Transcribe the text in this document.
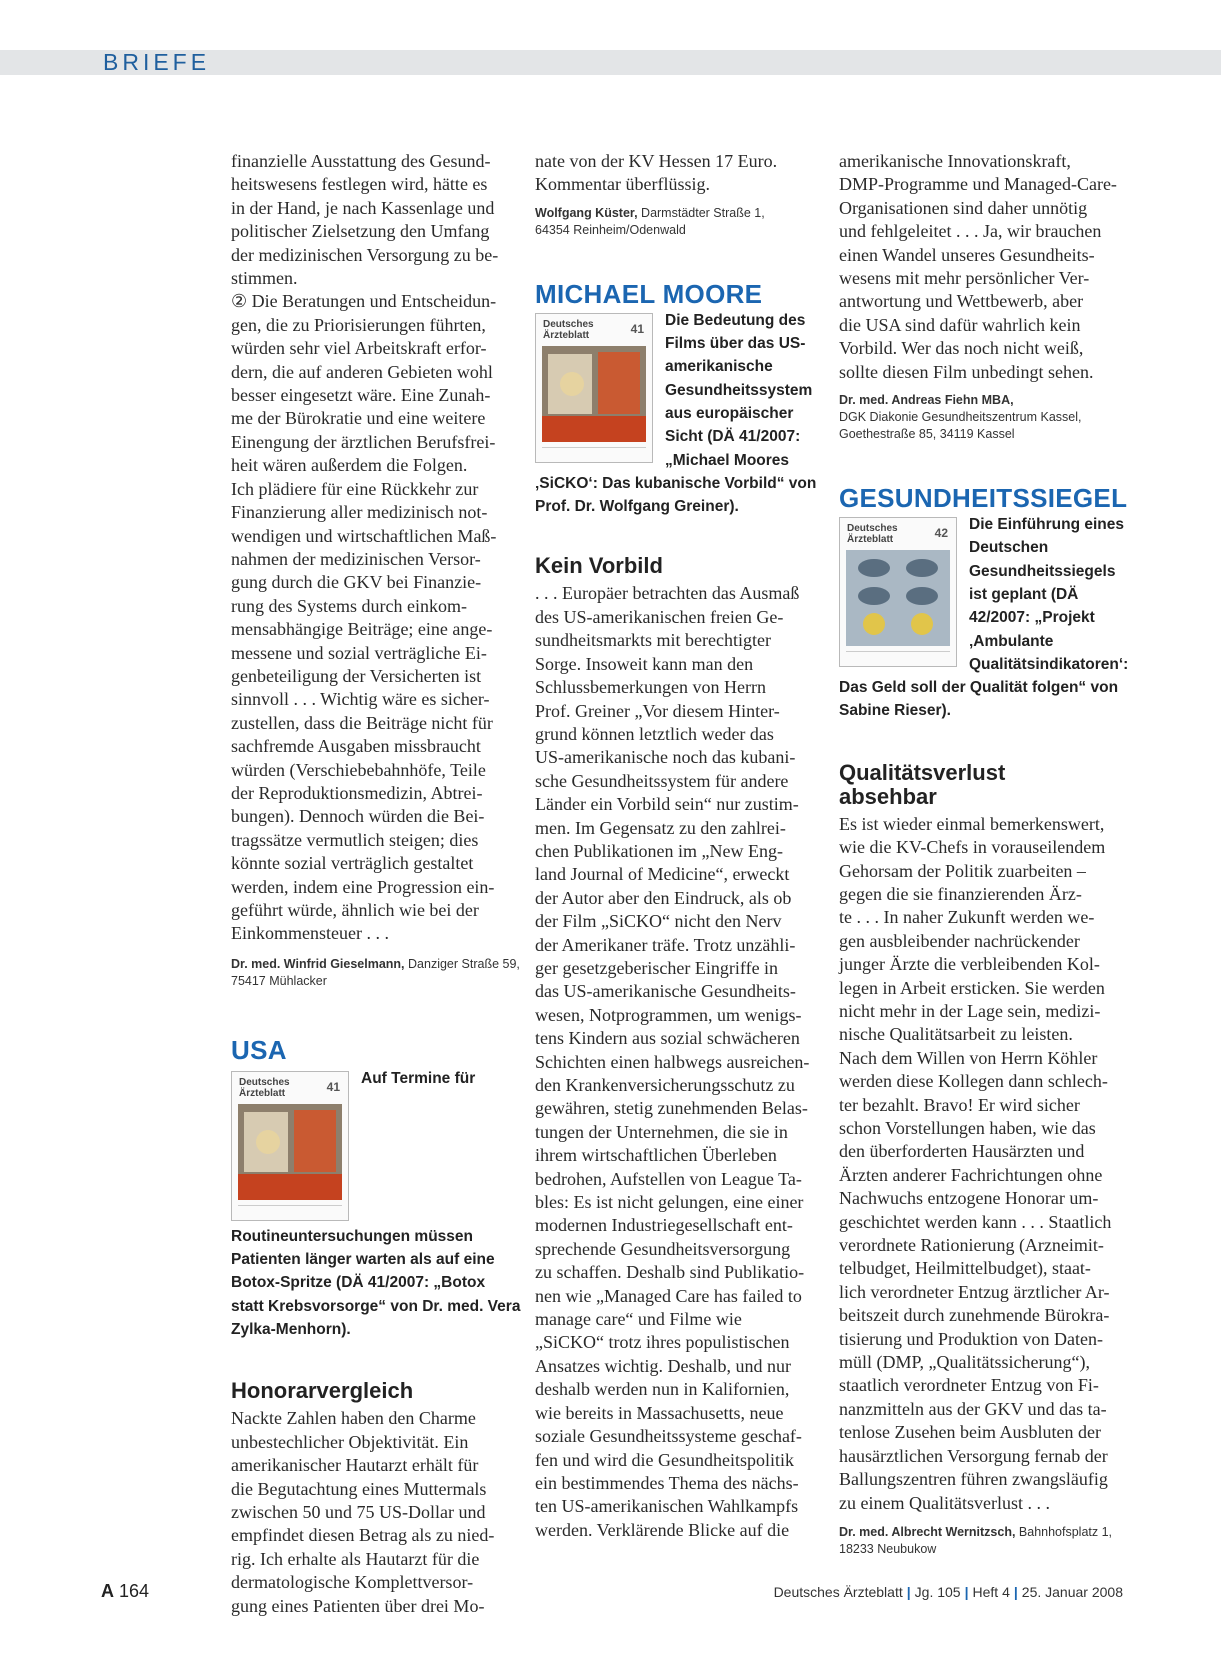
BRIEFE

finanzielle Ausstattung des Gesund-
heitswesens festlegen wird, hätte es
in der Hand, je nach Kassenlage und
politischer Zielsetzung den Umfang
der medizinischen Versorgung zu be-
stimmen.
② Die Beratungen und Entscheidun-
gen, die zu Priorisierungen führten,
würden sehr viel Arbeitskraft erfor-
dern, die auf anderen Gebieten wohl
besser eingesetzt wäre. Eine Zunah-
me der Bürokratie und eine weitere
Einengung der ärztlichen Berufsfrei-
heit wären außerdem die Folgen.
Ich plädiere für eine Rückkehr zur
Finanzierung aller medizinisch not-
wendigen und wirtschaftlichen Maß-
nahmen der medizinischen Versor-
gung durch die GKV bei Finanzie-
rung des Systems durch einkom-
mensabhängige Beiträge; eine ange-
messene und sozial verträgliche Ei-
genbeteiligung der Versicherten ist
sinnvoll . . . Wichtig wäre es sicher-
zustellen, dass die Beiträge nicht für
sachfremde Ausgaben missbraucht
würden (Verschiebebahnhöfe, Teile
der Reproduktionsmedizin, Abtrei-
bungen). Dennoch würden die Bei-
tragssätze vermutlich steigen; dies
könnte sozial verträglich gestaltet
werden, indem eine Progression ein-
geführt würde, ähnlich wie bei der
Einkommensteuer . . .

Dr. med. Winfrid Gieselmann, Danziger Straße 59,
75417 Mühlacker

USA
Deutsches
Ärzteblatt	41	Auf Termine für Routineuntersuchungen müssen Patienten länger warten als auf eine Botox-Spritze (DÄ 41/2007: „Botox statt Krebsvorsorge“ von Dr. med. Vera Zylka-Menhorn).

Honorarvergleich

Nackte Zahlen haben den Charme
unbestechlicher Objektivität. Ein
amerikanischer Hautarzt erhält für
die Begutachtung eines Muttermals
zwischen 50 und 75 US-Dollar und
empfindet diesen Betrag als zu nied-
rig. Ich erhalte als Hautarzt für die
dermatologische Komplettversor-
gung eines Patienten über drei Mo-

nate von der KV Hessen 17 Euro.
Kommentar überflüssig.

Wolfgang Küster, Darmstädter Straße 1,
64354 Reinheim/Odenwald

MICHAEL MOORE
Deutsches
Ärzteblatt	41	Die Bedeutung des Films über das US-amerikanische Gesundheitssystem aus europäischer Sicht (DÄ 41/2007: „Michael Moores ‚SiCKO‘: Das kubanische Vorbild“ von Prof. Dr. Wolfgang Greiner).

Kein Vorbild

. . . Europäer betrachten das Ausmaß
des US-amerikanischen freien Ge-
sundheitsmarkts mit berechtigter
Sorge. Insoweit kann man den
Schlussbemerkungen von Herrn
Prof. Greiner „Vor diesem Hinter-
grund können letztlich weder das
US-amerikanische noch das kubani-
sche Gesundheitssystem für andere
Länder ein Vorbild sein“ nur zustim-
men. Im Gegensatz zu den zahlrei-
chen Publikationen im „New Eng-
land Journal of Medicine“, erweckt
der Autor aber den Eindruck, als ob
der Film „SiCKO“ nicht den Nerv
der Amerikaner träfe. Trotz unzähli-
ger gesetzgeberischer Eingriffe in
das US-amerikanische Gesundheits-
wesen, Notprogrammen, um wenigs-
tens Kindern aus sozial schwächeren
Schichten einen halbwegs ausreichen-
den Krankenversicherungsschutz zu
gewähren, stetig zunehmenden Belas-
tungen der Unternehmen, die sie in
ihrem wirtschaftlichen Überleben
bedrohen, Aufstellen von League Ta-
bles: Es ist nicht gelungen, eine einer
modernen Industriegesellschaft ent-
sprechende Gesundheitsversorgung
zu schaffen. Deshalb sind Publikatio-
nen wie „Managed Care has failed to
manage care“ und Filme wie
„SiCKO“ trotz ihres populistischen
Ansatzes wichtig. Deshalb, und nur
deshalb werden nun in Kalifornien,
wie bereits in Massachusetts, neue
soziale Gesundheitssysteme geschaf-
fen und wird die Gesundheitspolitik
ein bestimmendes Thema des nächs-
ten US-amerikanischen Wahlkampfs
werden. Verklärende Blicke auf die

amerikanische Innovationskraft,
DMP-Programme und Managed-Care-
Organisationen sind daher unnötig
und fehlgeleitet . . . Ja, wir brauchen
einen Wandel unseres Gesundheits-
wesens mit mehr persönlicher Ver-
antwortung und Wettbewerb, aber
die USA sind dafür wahrlich kein
Vorbild. Wer das noch nicht weiß,
sollte diesen Film unbedingt sehen.

Dr. med. Andreas Fiehn MBA,
DGK Diakonie Gesundheitszentrum Kassel,
Goethestraße 85, 34119 Kassel

GESUNDHEITSSIEGEL
Deutsches
Ärzteblatt	42	Die Einführung eines Deutschen Gesundheitssiegels ist geplant (DÄ 42/2007: „Projekt ‚Ambulante Qualitätsindikatoren‘: Das Geld soll der Qualität folgen“ von Sabine Rieser).

Qualitätsverlust
absehbar

Es ist wieder einmal bemerkenswert,
wie die KV-Chefs in vorauseilendem
Gehorsam der Politik zuarbeiten –
gegen die sie finanzierenden Ärz-
te . . . In naher Zukunft werden we-
gen ausbleibender nachrückender
junger Ärzte die verbleibenden Kol-
legen in Arbeit ersticken. Sie werden
nicht mehr in der Lage sein, medizi-
nische Qualitätsarbeit zu leisten.
Nach dem Willen von Herrn Köhler
werden diese Kollegen dann schlech-
ter bezahlt. Bravo! Er wird sicher
schon Vorstellungen haben, wie das
den überforderten Hausärzten und
Ärzten anderer Fachrichtungen ohne
Nachwuchs entzogene Honorar um-
geschichtet werden kann . . . Staatlich
verordnete Rationierung (Arzneimit-
telbudget, Heilmittelbudget), staat-
lich verordneter Entzug ärztlicher Ar-
beitszeit durch zunehmende Bürokra-
tisierung und Produktion von Daten-
müll (DMP, „Qualitätssicherung“),
staatlich verordneter Entzug von Fi-
nanzmitteln aus der GKV und das ta-
tenlose Zusehen beim Ausbluten der
hausärztlichen Versorgung fernab der
Ballungszentren führen zwangsläufig
zu einem Qualitätsverlust . . .

Dr. med. Albrecht Wernitzsch, Bahnhofsplatz 1,
18233 Neubukow

A 164	Deutsches Ärzteblatt | Jg. 105 | Heft 4 | 25. Januar 2008
